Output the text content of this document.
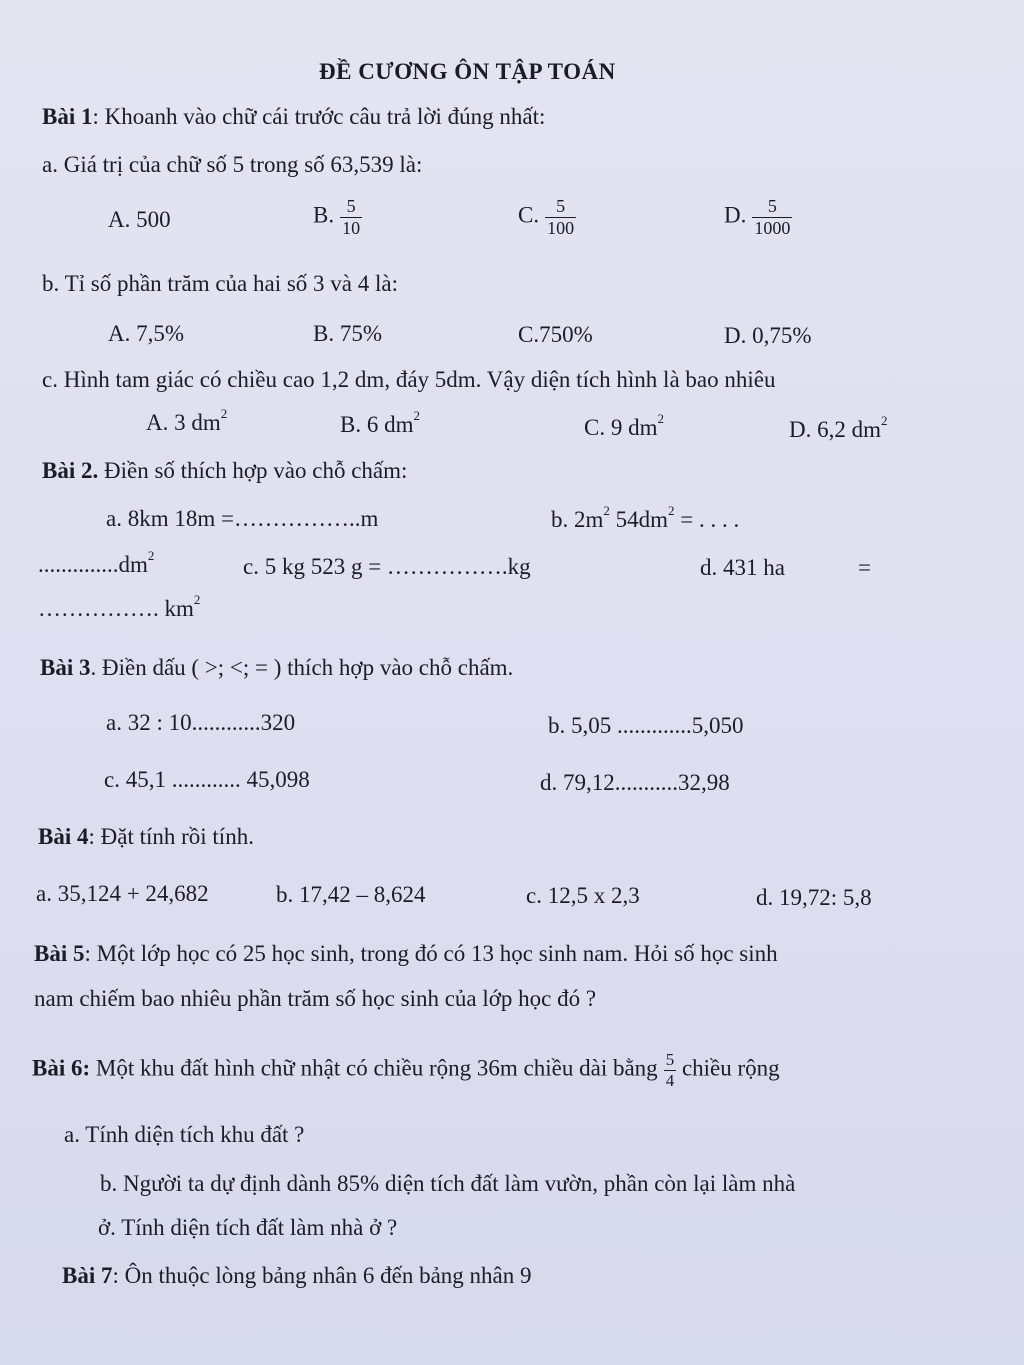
ĐỀ CƯƠNG ÔN TẬP TOÁN
Bài 1: Khoanh vào chữ cái trước câu trả lời đúng nhất:
a. Giá trị của chữ số 5 trong số 63,539 là:
A. 500	B. $\frac{5}{10}$	C. $\frac{5}{100}$	D. $\frac{5}{1000}$
b. Tỉ số phần trăm của hai số 3 và 4 là:
A. 7,5%	B. 75%	C.750%	D. 0,75%
c. Hình tam giác có chiều cao 1,2 dm, đáy 5dm. Vậy diện tích hình là bao nhiêu
A. 3 $dm^2$	B. 6 $dm^2$	C. 9 $dm^2$	D. 6,2 $dm^2$
Bài 2. Điền số thích hợp vào chỗ chấm:
a. 8km 18m =……………..m	b. $2m^2$ $54dm^2$ = . . . .
$..............dm^2$	c. 5 kg 523 g = …………….kg	d. 431 ha	=
……………. $km^2$
Bài 3. Điền dấu ( >; <; = ) thích hợp vào chỗ chấm.
a. 32 : 10............320	b. 5,05 .............5,050
c. 45,1 ............ 45,098	d. 79,12...........32,98
Bài 4: Đặt tính rồi tính.
a. 35,124 + 24,682	b. 17,42 – 8,624	c. 12,5 x 2,3	d. 19,72: 5,8
Bài 5: Một lớp học có 25 học sinh, trong đó có 13 học sinh nam. Hỏi số học sinh
nam chiếm bao nhiêu phần trăm số học sinh của lớp học đó ?
Bài 6: Một khu đất hình chữ nhật có chiều rộng 36m chiều dài bằng $\frac{5}{4}$ chiều rộng
a. Tính diện tích khu đất ?
b. Người ta dự định dành 85% diện tích đất làm vườn, phần còn lại làm nhà
ở. Tính diện tích đất làm nhà ở ?
Bài 7: Ôn thuộc lòng bảng nhân 6 đến bảng nhân 9
